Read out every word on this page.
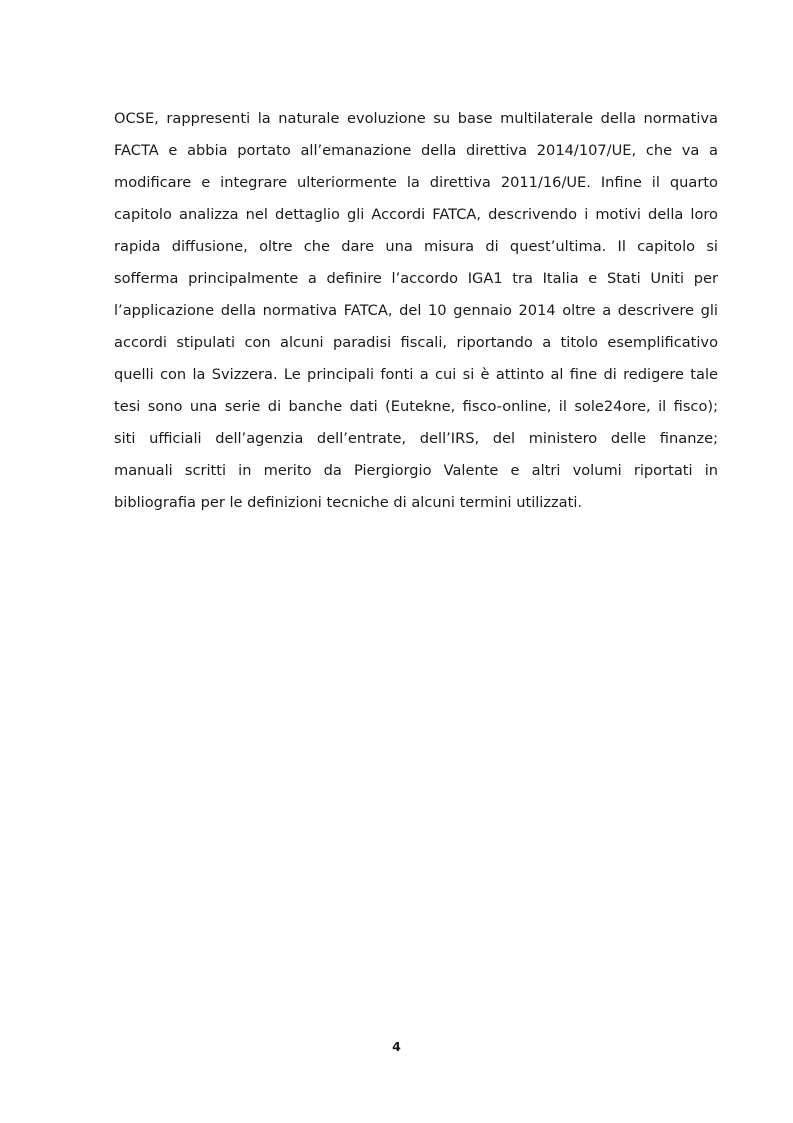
OCSE, rappresenti la naturale evoluzione su base multilaterale della normativa
FACTA e abbia portato all’emanazione della direttiva 2014/107/UE, che va a
modificare e integrare ulteriormente la direttiva 2011/16/UE. Infine il quarto
capitolo analizza nel dettaglio gli Accordi FATCA, descrivendo i motivi della loro
rapida diffusione, oltre che dare una misura di quest’ultima. Il capitolo si
sofferma principalmente a definire l’accordo IGA1 tra Italia e Stati Uniti per
l’applicazione della normativa FATCA, del 10 gennaio 2014 oltre a descrivere gli
accordi stipulati con alcuni paradisi fiscali, riportando a titolo esemplificativo
quelli con la Svizzera. Le principali fonti a cui si è attinto al fine di redigere tale
tesi sono una serie di banche dati (Eutekne, fisco-online, il sole24ore, il fisco);
siti ufficiali dell’agenzia dell’entrate, dell’IRS, del ministero delle finanze;
manuali scritti in merito da Piergiorgio Valente e altri volumi riportati in
bibliografia per le definizioni tecniche di alcuni termini utilizzati.

4
